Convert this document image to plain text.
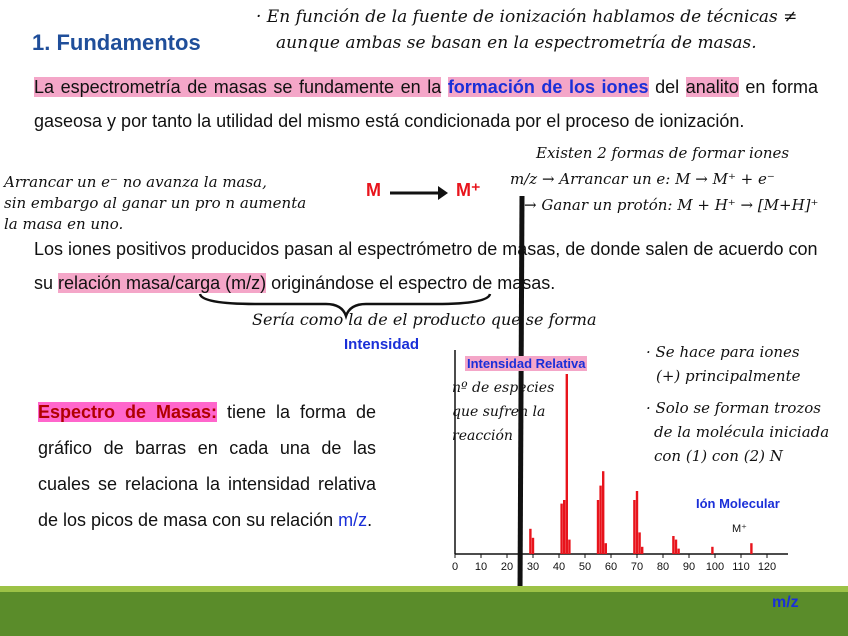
1. Fundamentos
· En función de la fuente de ionización hablamos de técnicas ≠
aunque ambas se basan en la espectrometría de masas.
La espectrometría de masas se fundamente en la formación de los iones del analito en forma gaseosa y por tanto la utilidad del mismo está condicionada por el proceso de ionización.
Arrancar un e⁻ no avanza la masa,
sin embargo al ganar un pro n aumenta
la masa en uno.
M → M⁺
Existen 2 formas de formar iones
m/z → Arrancar un e: M → M⁺ + e⁻
→ Ganar un protón: M + H⁺ → [M+H]⁺
Los iones positivos producidos pasan al espectrómetro de masas, de donde salen de acuerdo con su relación masa/carga (m/z) originándose el espectro de masas.
Sería como la de el producto que se forma
Espectro de Masas: tiene la forma de gráfico de barras en cada una de las cuales se relaciona la intensidad relativa de los picos de masa con su relación m/z.
Intensidad
Intensidad Relativa
Ión Molecular
M⁺
0 10 20 30 40 50 60 70 80 90 100 110 120
nº de especies que sufren la reacción
· Se hace para iones
(+) principalmente
· Solo se forman trozos
de la molécula iniciada
con (1) con (2) N
m/z
